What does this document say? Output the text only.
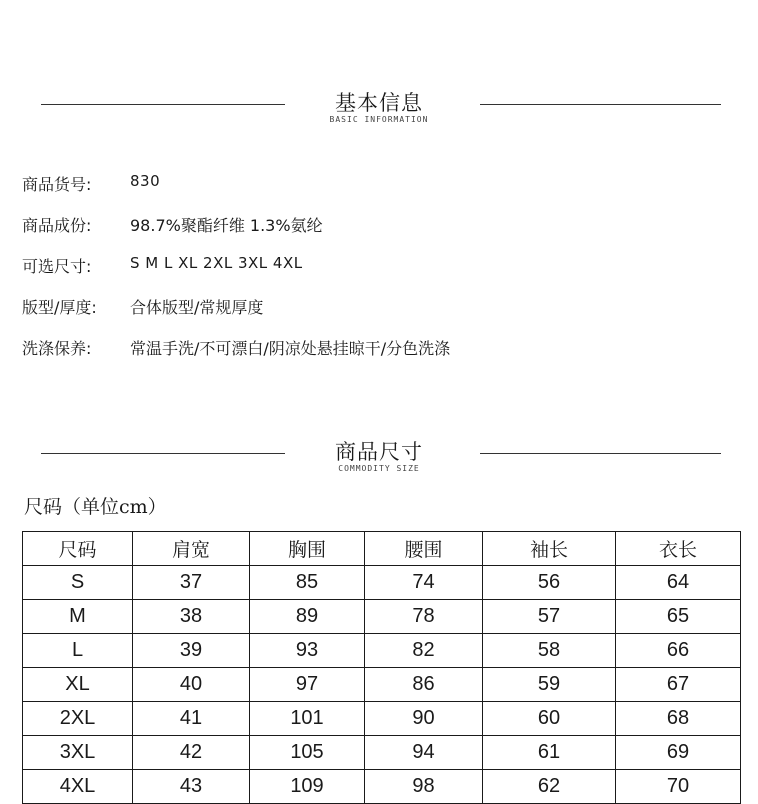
基本信息
BASIC INFORMATION
商品货号:	830
商品成份:	98.7%聚酯纤维 1.3%氨纶
可选尺寸:	S M L XL 2XL 3XL 4XL
版型/厚度:	合体版型/常规厚度
洗涤保养:	常温手洗/不可漂白/阴凉处悬挂晾干/分色洗涤
商品尺寸
COMMODITY SIZE
尺码（单位cm）
尺码	肩宽	胸围	腰围	袖长	衣长
S	37	85	74	56	64
M	38	89	78	57	65
L	39	93	82	58	66
XL	40	97	86	59	67
2XL	41	101	90	60	68
3XL	42	105	94	61	69
4XL	43	109	98	62	70
